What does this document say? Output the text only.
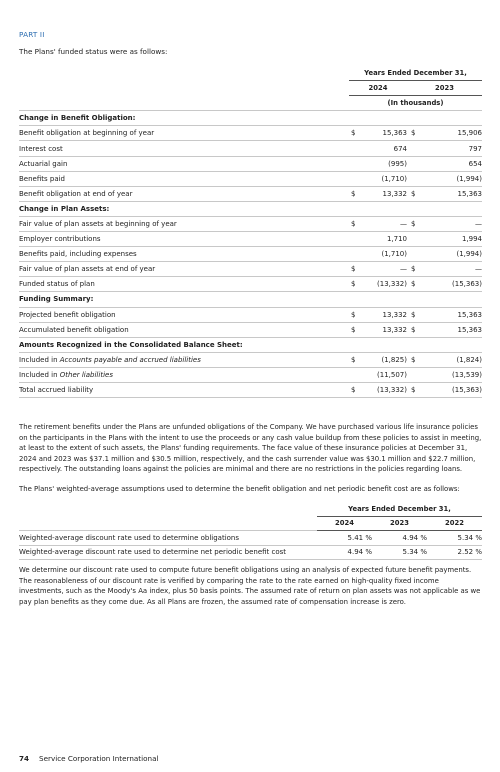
PART II
The Plans' funded status were as follows:
	Years Ended December 31,			
	2024		2023	
	(In thousands)			
Change in Benefit Obligation:				
Benefit obligation at beginning of year	$	15,363	$	15,906
Interest cost		674		797
Actuarial gain		(995)		654
Benefits paid		(1,710)		(1,994)
Benefit obligation at end of year	$	13,332	$	15,363
Change in Plan Assets:				
Fair value of plan assets at beginning of year	$	—	$	—
Employer contributions		1,710		1,994
Benefits paid, including expenses		(1,710)		(1,994)
Fair value of plan assets at end of year	$	—	$	—
Funded status of plan	$	(13,332)	$	(15,363)
Funding Summary:				
Projected benefit obligation	$	13,332	$	15,363
Accumulated benefit obligation	$	13,332	$	15,363
Amounts Recognized in the Consolidated Balance Sheet:				
Included in Accounts payable and accrued liabilities	$	(1,825)	$	(1,824)
Included in Other liabilities		(11,507)		(13,539)
Total accrued liability	$	(13,332)	$	(15,363)
The retirement benefits under the Plans are unfunded obligations of the Company. We have purchased various life insurance policies on the participants in the Plans with the intent to use the proceeds or any cash value buildup from these policies to assist in meeting, at least to the extent of such assets, the Plans' funding requirements. The face value of these insurance policies at December 31, 2024 and 2023 was $37.1 million and $30.5 million, respectively, and the cash surrender value was $30.1 million and $22.7 million, respectively. The outstanding loans against the policies are minimal and there are no restrictions in the policies regarding loans.
The Plans' weighted-average assumptions used to determine the benefit obligation and net periodic benefit cost are as follows:
	Years Ended December 31,		
	2024	2023	2022
Weighted-average discount rate used to determine obligations	5.41 %	4.94 %	5.34 %
Weighted-average discount rate used to determine net periodic benefit cost	4.94 %	5.34 %	2.52 %
We determine our discount rate used to compute future benefit obligations using an analysis of expected future benefit payments. The reasonableness of our discount rate is verified by comparing the rate to the rate earned on high-quality fixed income investments, such as the Moody's Aa index, plus 50 basis points. The assumed rate of return on plan assets was not applicable as we pay plan benefits as they come due. As all Plans are frozen, the assumed rate of compensation increase is zero.
74 Service Corporation International
